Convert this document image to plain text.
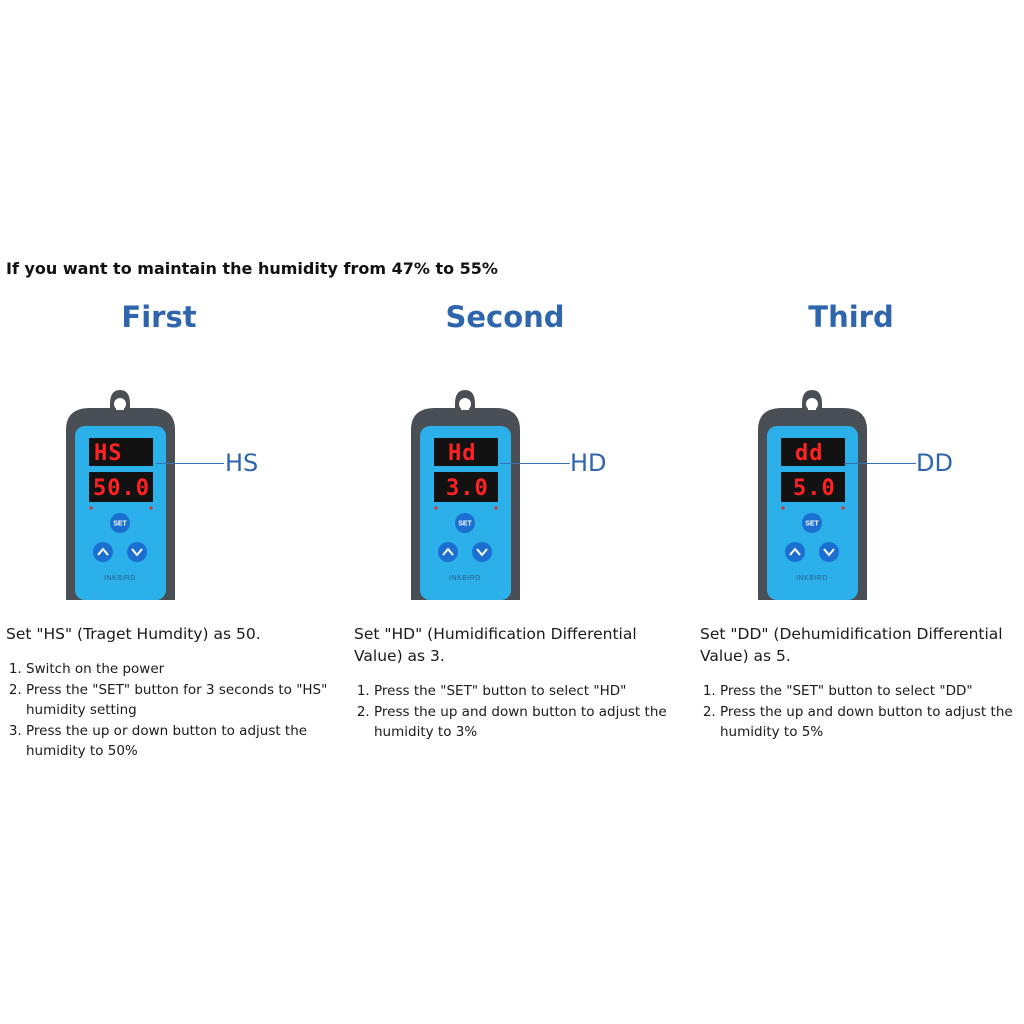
If you want to maintain the humidity from 47% to 55%
First
HS
50.0
SET
INKBIRD
HS
Set "HS" (Traget Humdity) as 50.
1. Switch on the power
2. Press the "SET" button for 3 seconds to "HS" humidity setting
3. Press the up or down button to adjust the humidity to 50%
Second
Hd
3.0
SET
INKBIRD
HD
Set "HD" (Humidification Differential Value) as 3.
1. Press the "SET" button to select "HD"
2. Press the up and down button to adjust the humidity to 3%
Third
dd
5.0
SET
INKBIRD
DD
Set "DD" (Dehumidification Differential Value) as 5.
1. Press the "SET" button to select "DD"
2. Press the up and down button to adjust the humidity to 5%
